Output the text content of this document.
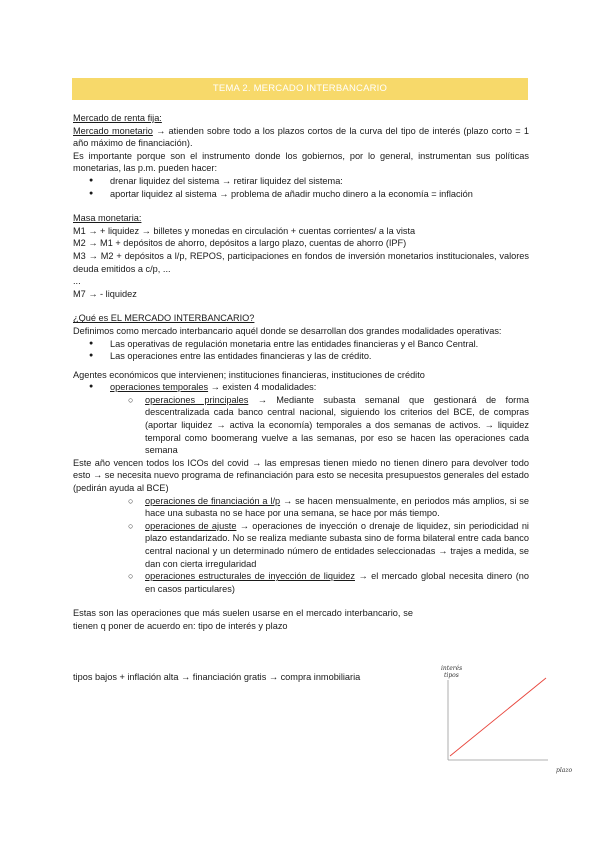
TEMA 2. MERCADO INTERBANCARIO

Mercado de renta fija:

Mercado monetario → atienden sobre todo a los plazos cortos de la curva del tipo de interés (plazo corto = 1 año máximo de financiación).

Es importante porque son el instrumento donde los gobiernos, por lo general, instrumentan sus políticas monetarias, las p.m. pueden hacer:

● drenar liquidez del sistema → retirar liquidez del sistema:
● aportar liquidez al sistema → problema de añadir mucho dinero a la economía = inflación

Masa monetaria:

M1 → + liquidez → billetes y monedas en circulación + cuentas corrientes/ a la vista

M2 → M1 + depósitos de ahorro, depósitos a largo plazo, cuentas de ahorro (IPF)

M3 → M2 + depósitos a l/p, REPOS, participaciones en fondos de inversión monetarios institucionales, valores deuda emitidos a c/p, ...

...

M7 → - liquidez

¿Qué es EL MERCADO INTERBANCARIO?

Definimos como mercado interbancario aquél donde se desarrollan dos grandes modalidades operativas:

● Las operativas de regulación monetaria entre las entidades financieras y el Banco Central.
● Las operaciones entre las entidades financieras y las de crédito.

Agentes económicos que intervienen; instituciones financieras, instituciones de crédito

● operaciones temporales → existen 4 modalidades:
○ operaciones principales → Mediante subasta semanal que gestionará de forma descentralizada cada banco central nacional, siguiendo los criterios del BCE, de compras (aportar liquidez → activa la economía) temporales a dos semanas de activos. → liquidez temporal como boomerang vuelve a las semanas, por eso se hacen las operaciones cada semana

Este año vencen todos los ICOs del covid → las empresas tienen miedo no tienen dinero para devolver todo esto → se necesita nuevo programa de refinanciación para esto se necesita presupuestos generales del estado (pedirán ayuda al BCE)

○ operaciones de financiación a l/p → se hacen mensualmente, en periodos más amplios, si se hace una subasta no se hace por una semana, se hace por más tiempo.
○ operaciones de ajuste → operaciones de inyección o drenaje de liquidez, sin periodicidad ni plazo estandarizado. No se realiza mediante subasta sino de forma bilateral entre cada banco central nacional y un determinado número de entidades seleccionadas → trajes a medida, se dan con cierta irregularidad
○ operaciones estructurales de inyección de liquidez → el mercado global necesita dinero (no en casos particulares)

Estas son las operaciones que más suelen usarse en el mercado interbancario, se tienen q poner de acuerdo en: tipo de interés y plazo

tipos bajos + inflación alta → financiación gratis → compra inmobiliaria

interés
tipos
plazo
